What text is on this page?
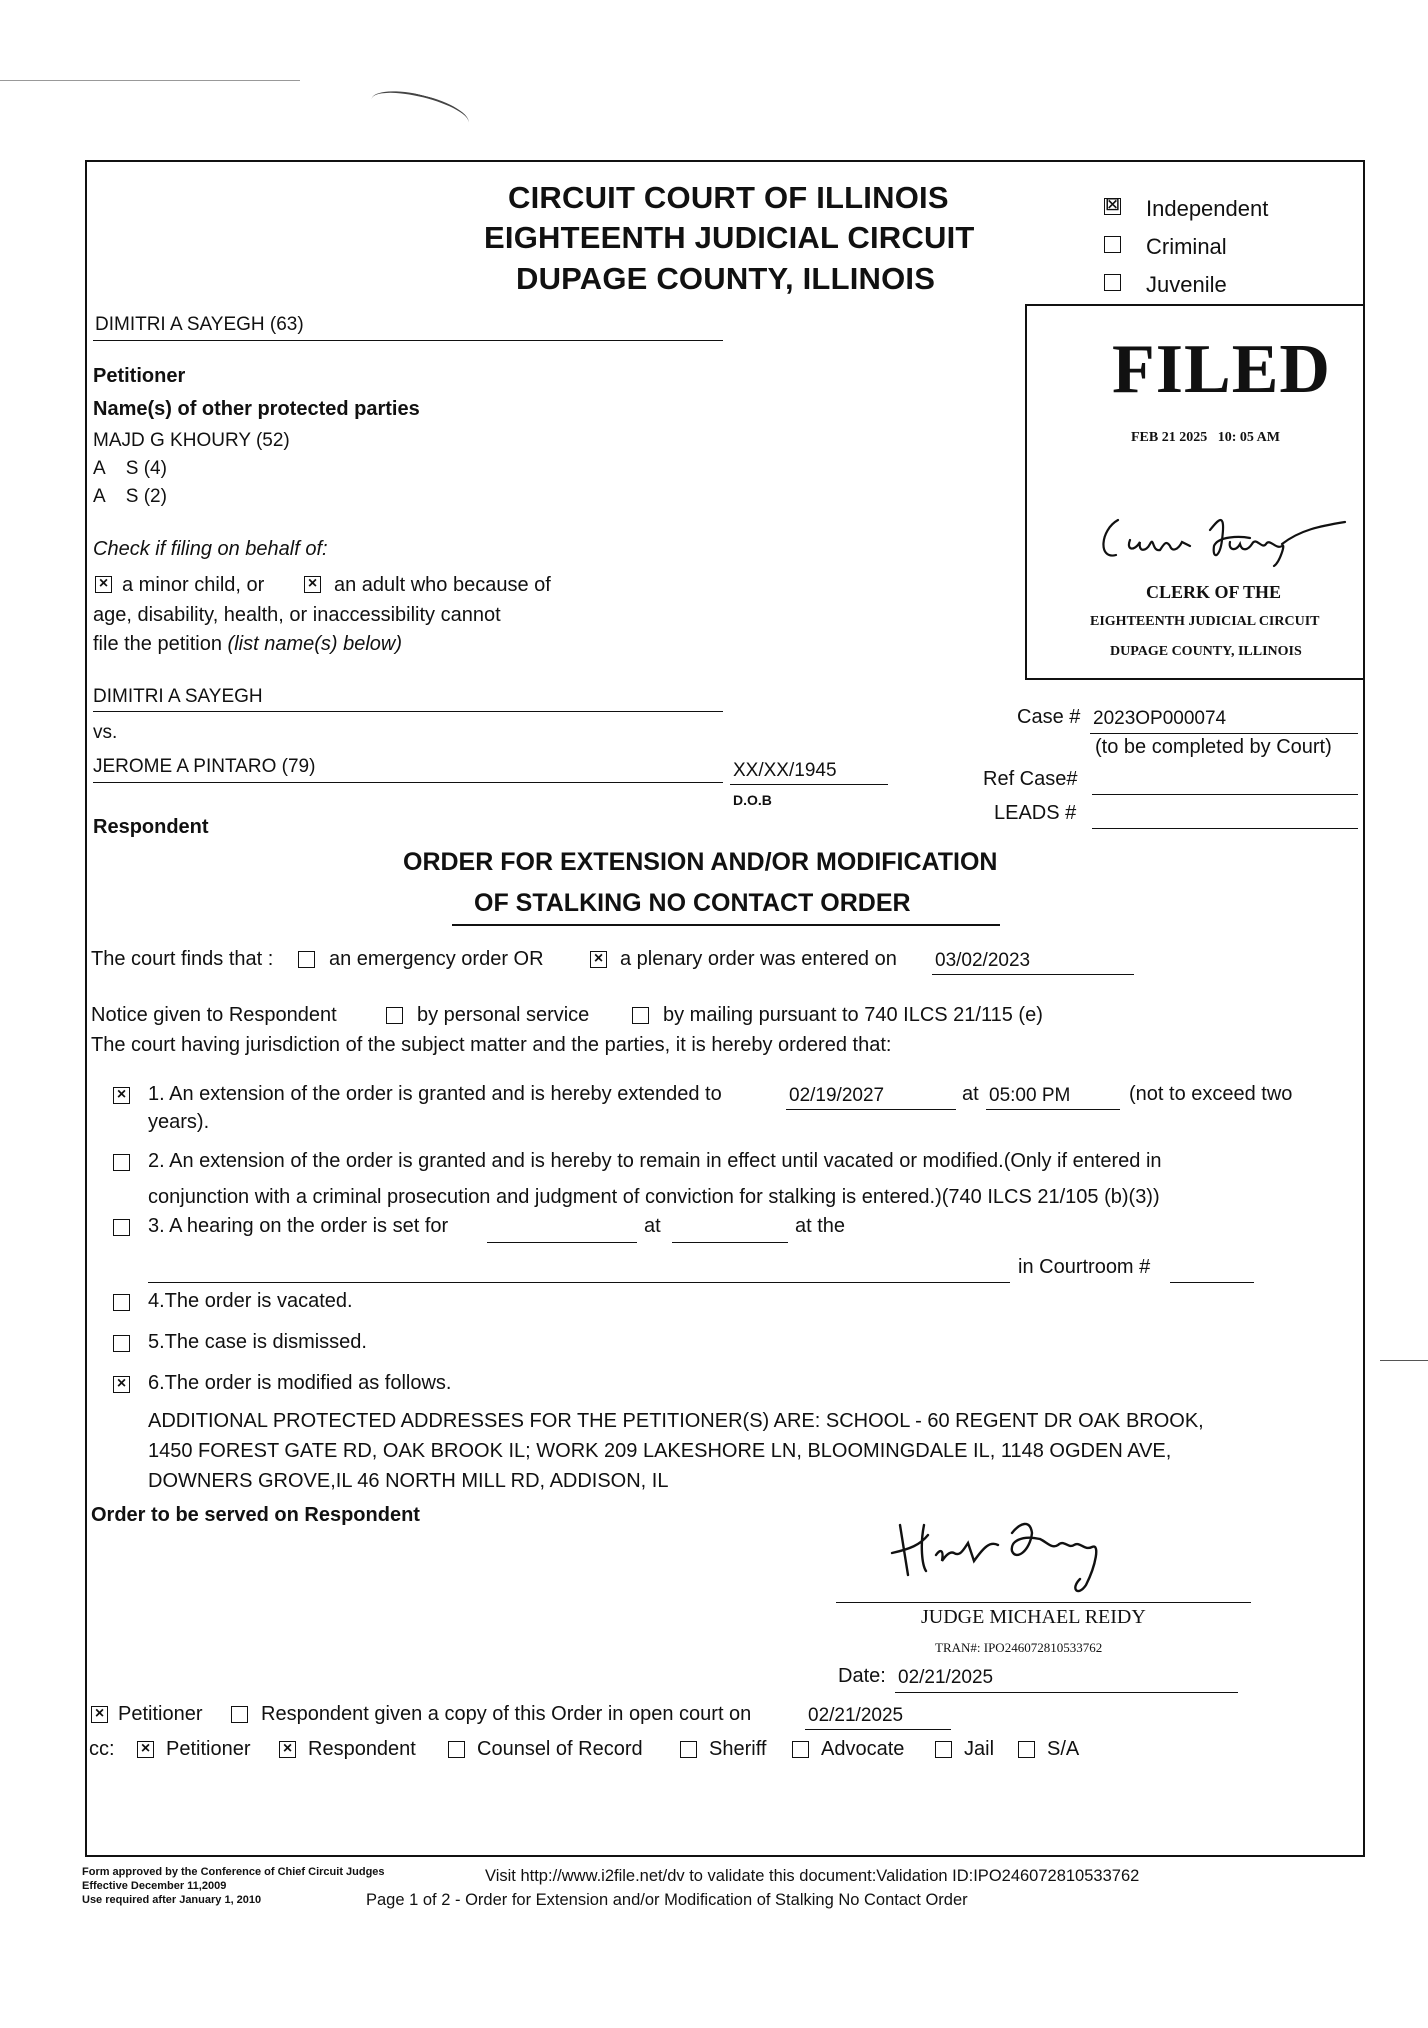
CIRCUIT COURT OF ILLINOIS
EIGHTEENTH JUDICIAL CIRCUIT
DUPAGE COUNTY, ILLINOIS
☒ Independent
Criminal
Juvenile
FILED
FEB 21 2025   10: 05 AM
CLERK OF THE
EIGHTEENTH JUDICIAL CIRCUIT
DUPAGE COUNTY, ILLINOIS
DIMITRI A SAYEGH (63)
Petitioner
Name(s) of other protected parties
MAJD G KHOURY (52)
A    S (4)
A    S (2)
Check if filing on behalf of:
× a minor child, or	× an adult who because of
age, disability, health, or inaccessibility cannot
file the petition (list name(s) below)
DIMITRI A SAYEGH
vs.
JEROME A PINTARO (79)	XX/XX/1945
D.O.B
Respondent
Case # 2023OP000074
(to be completed by Court)
Ref Case#
LEADS #
ORDER FOR EXTENSION AND/OR MODIFICATION
OF STALKING NO CONTACT ORDER
The court finds that :	an emergency order OR	× a plenary order was entered on 03/02/2023
Notice given to Respondent	by personal service	by mailing pursuant to 740 ILCS 21/115 (e)
The court having jurisdiction of the subject matter and the parties, it is hereby ordered that:
× 1. An extension of the order is granted and is hereby extended to	02/19/2027	at 05:00 PM	(not to exceed two
years).
2. An extension of the order is granted and is hereby to remain in effect until vacated or modified.(Only if entered in
conjunction with a criminal prosecution and judgment of conviction for stalking is entered.)(740 ILCS 21/105 (b)(3))
3. A hearing on the order is set for	at	at the
in Courtroom #
4.The order is vacated.
5.The case is dismissed.
× 6.The order is modified as follows.
ADDITIONAL PROTECTED ADDRESSES FOR THE PETITIONER(S) ARE: SCHOOL - 60 REGENT DR OAK BROOK,
1450 FOREST GATE RD, OAK BROOK IL; WORK 209 LAKESHORE LN, BLOOMINGDALE IL, 1148 OGDEN AVE,
DOWNERS GROVE,IL 46 NORTH MILL RD, ADDISON, IL
Order to be served on Respondent
JUDGE MICHAEL REIDY
TRAN#: IPO246072810533762
Date: 02/21/2025
× Petitioner	Respondent given a copy of this Order in open court on	02/21/2025
cc: × Petitioner × Respondent	Counsel of Record	Sheriff	Advocate	Jail	S/A
Form approved by the Conference of Chief Circuit Judges
Effective December 11,2009
Use required after January 1, 2010
Visit http://www.i2file.net/dv to validate this document:Validation ID:IPO246072810533762
Page 1 of 2 - Order for Extension and/or Modification of Stalking No Contact Order
